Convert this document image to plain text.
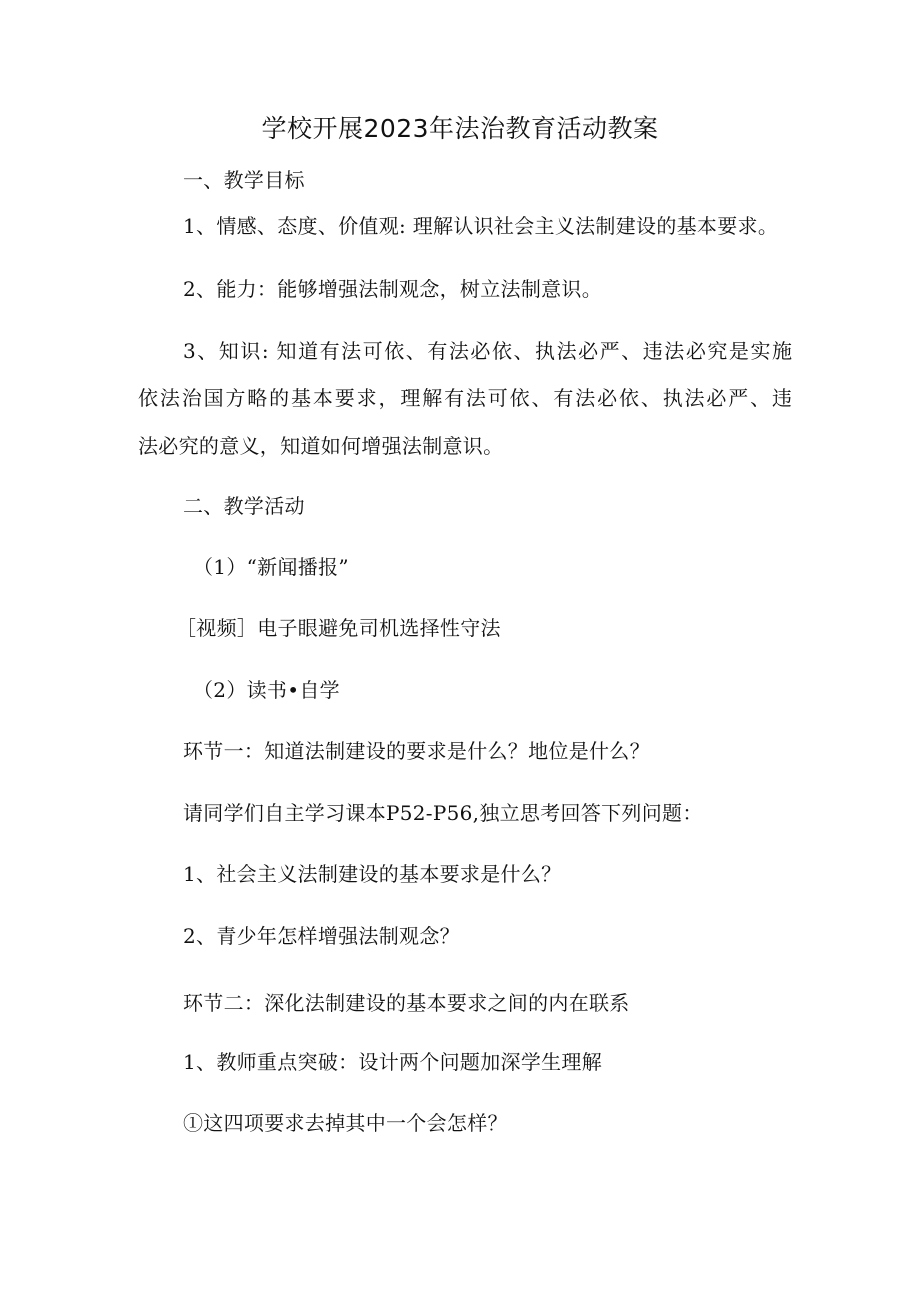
学校开展2023年法治教育活动教案
一、教学目标
1、情感、态度、价值观: 理解认识社会主义法制建设的基本要求。
2、能力：能够增强法制观念，树立法制意识。
3、知识: 知道有法可依、有法必依、执法必严、违法必究是实施
依法治国方略的基本要求，理解有法可依、有法必依、执法必严、违
法必究的意义，知道如何增强法制意识。
二、教学活动
（1）“新闻播报”
［视频］电子眼避免司机选择性守法
（2）读书•自学
环节一：知道法制建设的要求是什么？地位是什么？
请同学们自主学习课本P52-P56,独立思考回答下列问题：
1、社会主义法制建设的基本要求是什么？
2、青少年怎样增强法制观念？
环节二：深化法制建设的基本要求之间的内在联系
1、教师重点突破：设计两个问题加深学生理解
①这四项要求去掉其中一个会怎样？
